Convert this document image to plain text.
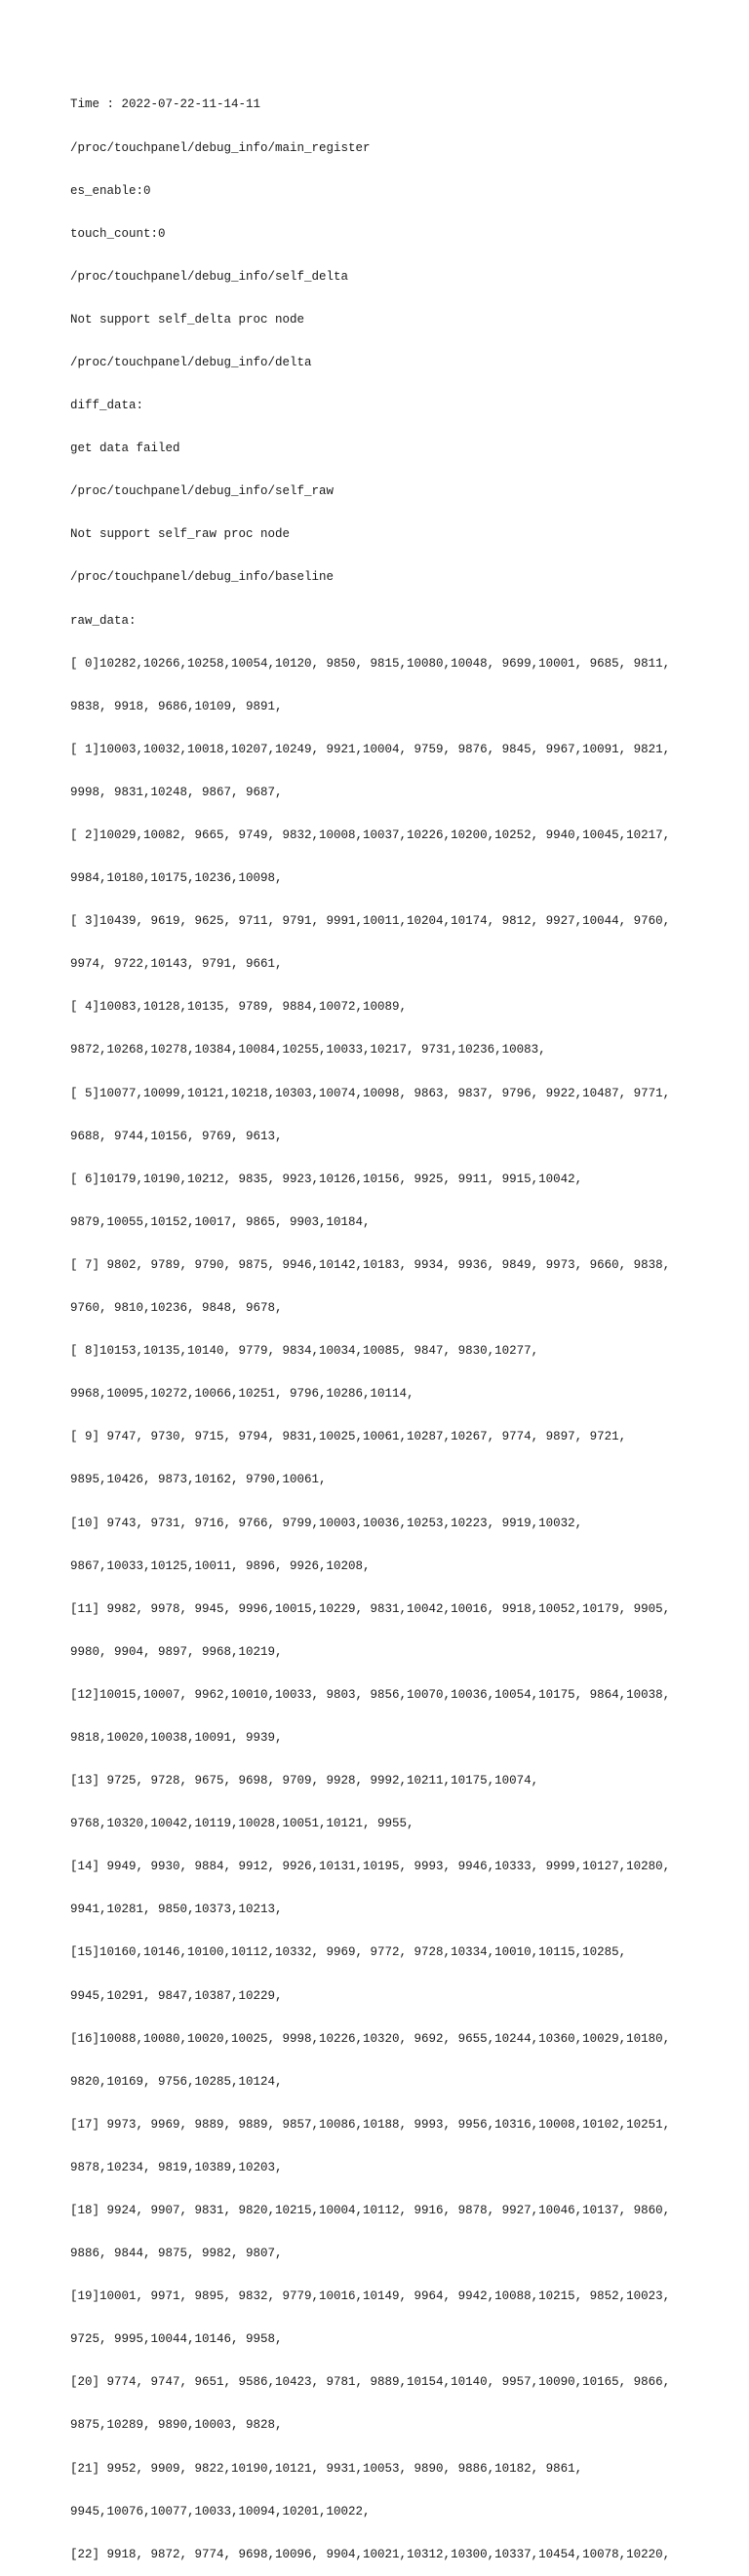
Time : 2022-07-22-11-14-11

/proc/touchpanel/debug_info/main_register

es_enable:0

touch_count:0

/proc/touchpanel/debug_info/self_delta

Not support self_delta proc node

/proc/touchpanel/debug_info/delta

diff_data:

get data failed

/proc/touchpanel/debug_info/self_raw

Not support self_raw proc node

/proc/touchpanel/debug_info/baseline

raw_data:

[ 0]10282,10266,10258,10054,10120, 9850, 9815,10080,10048, 9699,10001, 9685, 9811,

9838, 9918, 9686,10109, 9891,

[ 1]10003,10032,10018,10207,10249, 9921,10004, 9759, 9876, 9845, 9967,10091, 9821,

9998, 9831,10248, 9867, 9687,

[ 2]10029,10082, 9665, 9749, 9832,10008,10037,10226,10200,10252, 9940,10045,10217,

9984,10180,10175,10236,10098,

[ 3]10439, 9619, 9625, 9711, 9791, 9991,10011,10204,10174, 9812, 9927,10044, 9760,

9974, 9722,10143, 9791, 9661,

[ 4]10083,10128,10135, 9789, 9884,10072,10089,

9872,10268,10278,10384,10084,10255,10033,10217, 9731,10236,10083,

[ 5]10077,10099,10121,10218,10303,10074,10098, 9863, 9837, 9796, 9922,10487, 9771,

9688, 9744,10156, 9769, 9613,

[ 6]10179,10190,10212, 9835, 9923,10126,10156, 9925, 9911, 9915,10042,

9879,10055,10152,10017, 9865, 9903,10184,

[ 7] 9802, 9789, 9790, 9875, 9946,10142,10183, 9934, 9936, 9849, 9973, 9660, 9838,

9760, 9810,10236, 9848, 9678,

[ 8]10153,10135,10140, 9779, 9834,10034,10085, 9847, 9830,10277,

9968,10095,10272,10066,10251, 9796,10286,10114,

[ 9] 9747, 9730, 9715, 9794, 9831,10025,10061,10287,10267, 9774, 9897, 9721,

9895,10426, 9873,10162, 9790,10061,

[10] 9743, 9731, 9716, 9766, 9799,10003,10036,10253,10223, 9919,10032,

9867,10033,10125,10011, 9896, 9926,10208,

[11] 9982, 9978, 9945, 9996,10015,10229, 9831,10042,10016, 9918,10052,10179, 9905,

9980, 9904, 9897, 9968,10219,

[12]10015,10007, 9962,10010,10033, 9803, 9856,10070,10036,10054,10175, 9864,10038,

9818,10020,10038,10091, 9939,

[13] 9725, 9728, 9675, 9698, 9709, 9928, 9992,10211,10175,10074,

9768,10320,10042,10119,10028,10051,10121, 9955,

[14] 9949, 9930, 9884, 9912, 9926,10131,10195, 9993, 9946,10333, 9999,10127,10280,

9941,10281, 9850,10373,10213,

[15]10160,10146,10100,10112,10332, 9969, 9772, 9728,10334,10010,10115,10285,

9945,10291, 9847,10387,10229,

[16]10088,10080,10020,10025, 9998,10226,10320, 9692, 9655,10244,10360,10029,10180,

9820,10169, 9756,10285,10124,

[17] 9973, 9969, 9889, 9889, 9857,10086,10188, 9993, 9956,10316,10008,10102,10251,

9878,10234, 9819,10389,10203,

[18] 9924, 9907, 9831, 9820,10215,10004,10112, 9916, 9878, 9927,10046,10137, 9860,

9886, 9844, 9875, 9982, 9807,

[19]10001, 9971, 9895, 9832, 9779,10016,10149, 9964, 9942,10088,10215, 9852,10023,

9725, 9995,10044,10146, 9958,

[20] 9774, 9747, 9651, 9586,10423, 9781, 9889,10154,10140, 9957,10090,10165, 9866,

9875,10289, 9890,10003, 9828,

[21] 9952, 9909, 9822,10190,10121, 9931,10053, 9890, 9886,10182, 9861,

9945,10076,10077,10033,10094,10201,10022,

[22] 9918, 9872, 9774, 9698,10096, 9904,10021,10312,10300,10337,10454,10078,10220,
